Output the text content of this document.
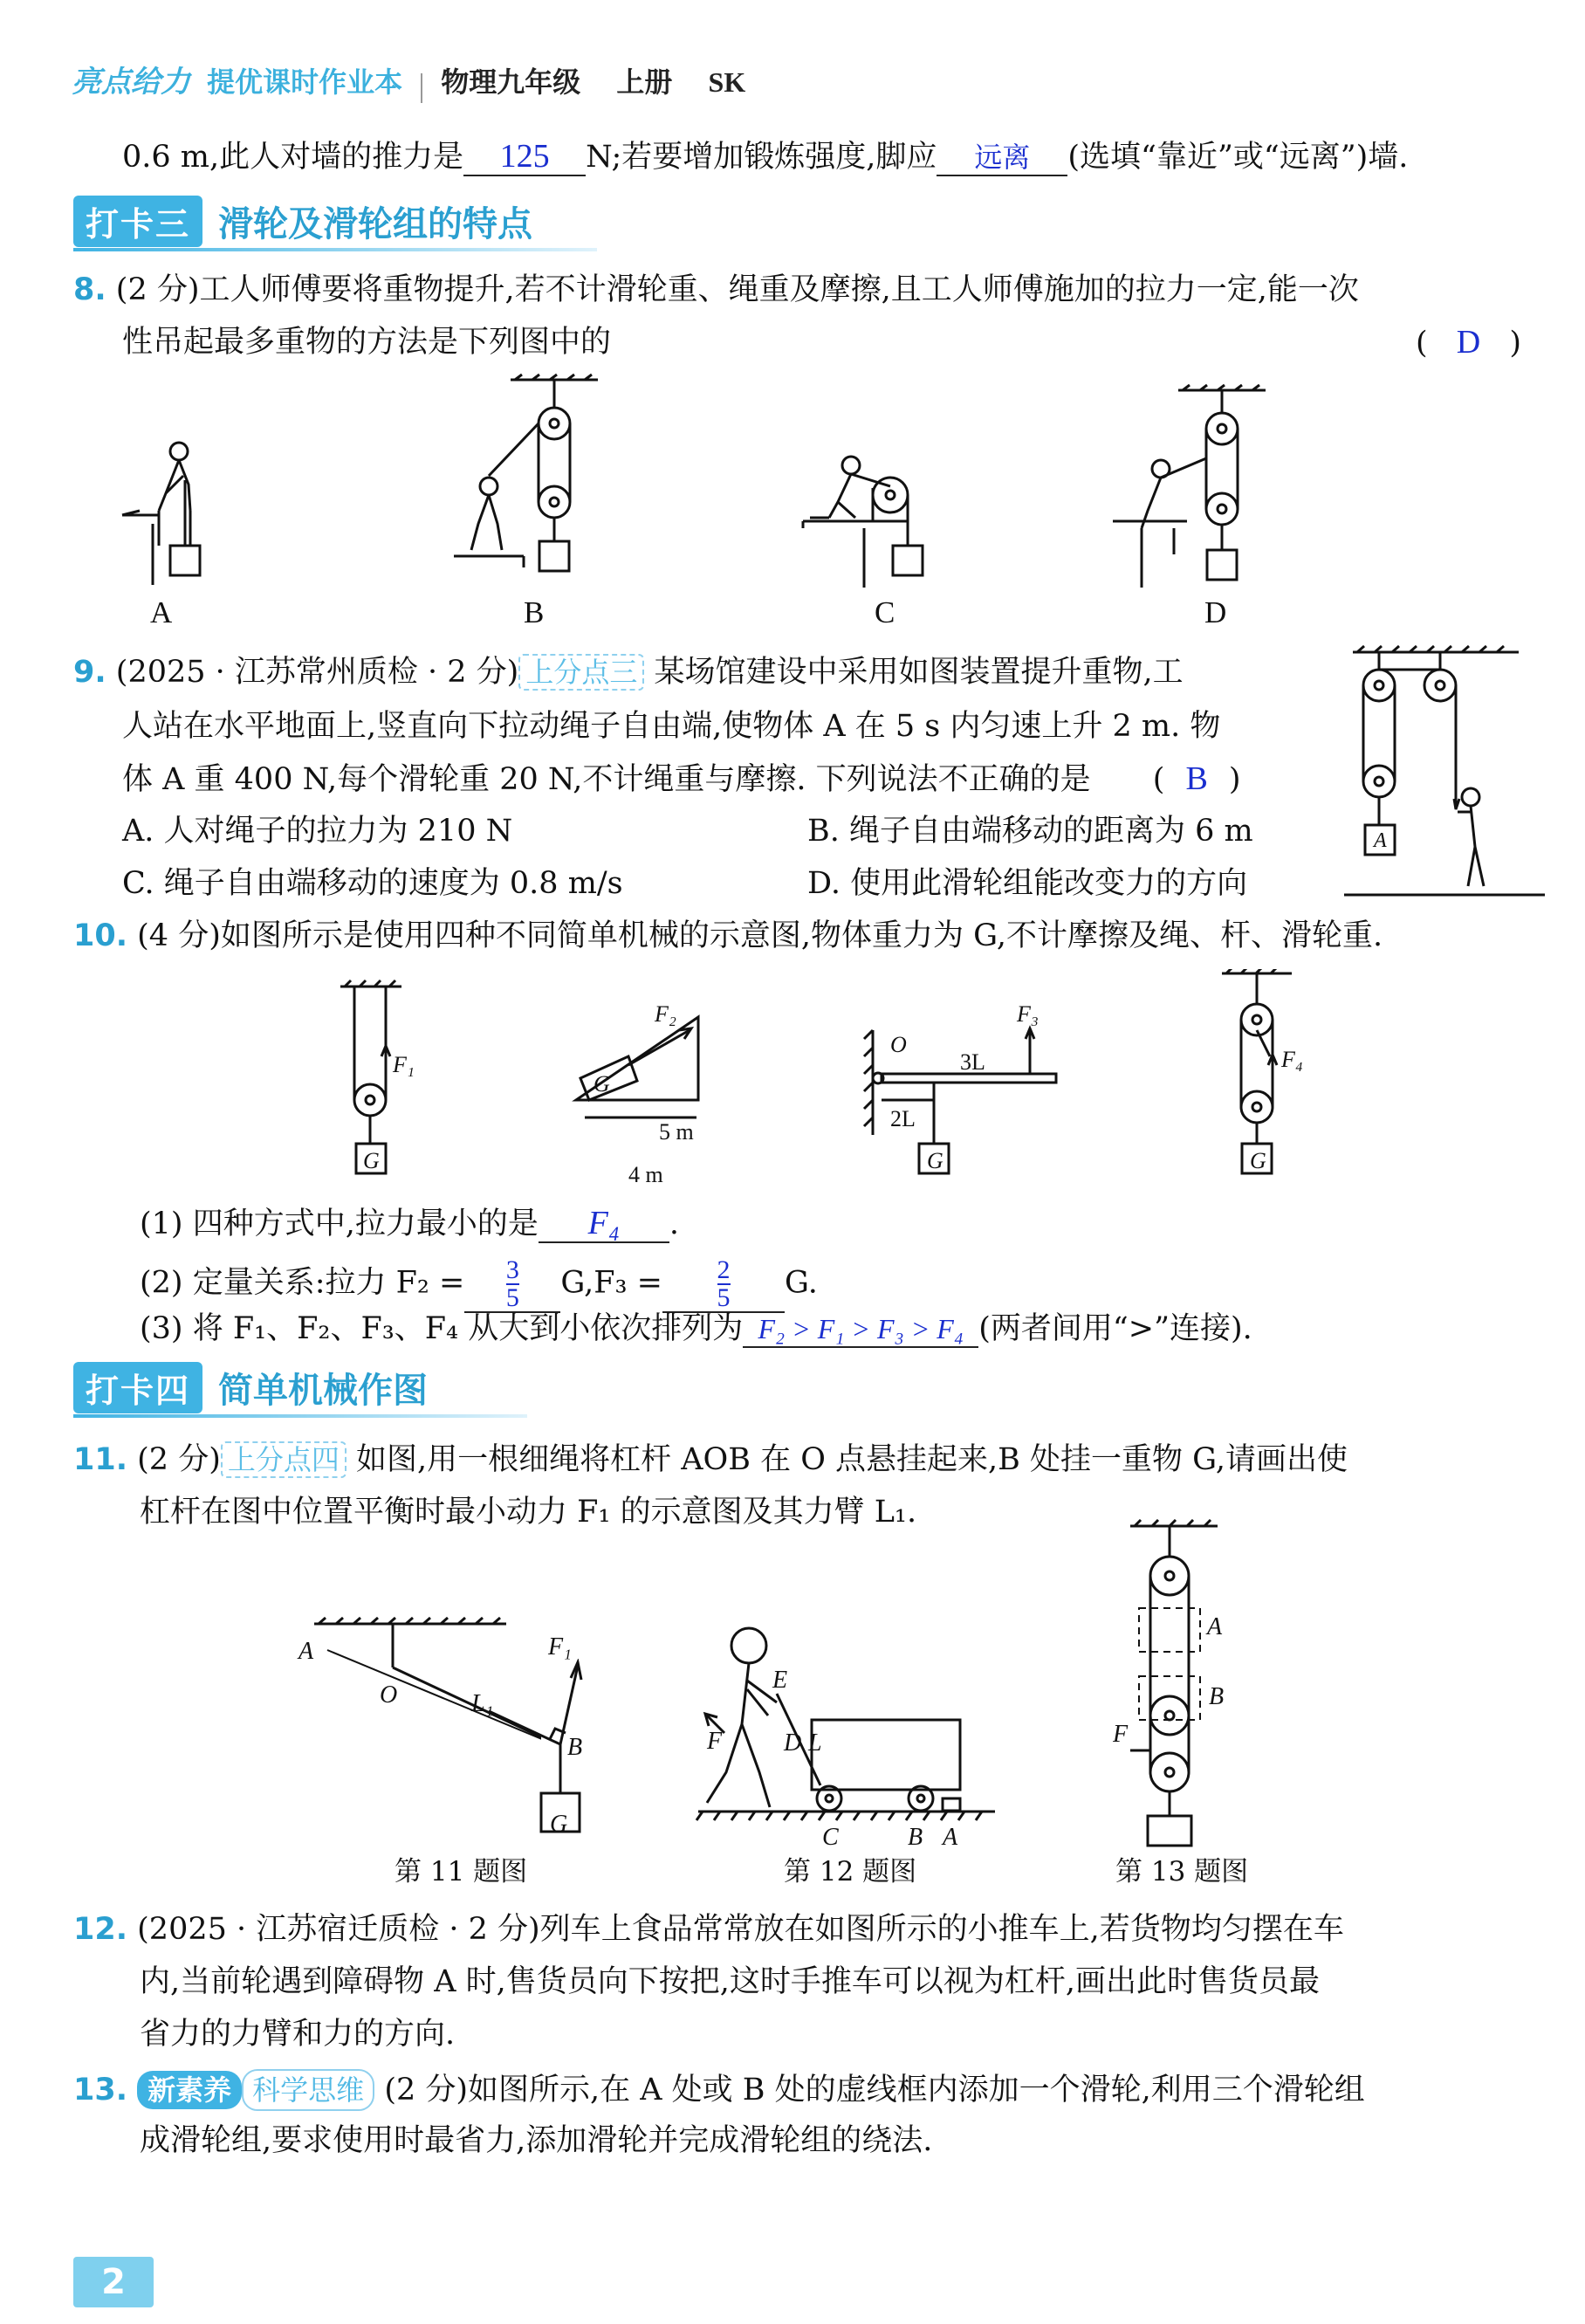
亮点给力 提优课时作业本 物理九年级 上册 SK
0.6 m,此人对墙的推力是 125 N;若要增加锻炼强度,脚应 远离 (选填“靠近”或“远离”)墙.
打卡三 滑轮及滑轮组的特点
8. (2 分)工人师傅要将重物提升,若不计滑轮重、绳重及摩擦,且工人师傅施加的拉力一定,能一次
性吊起最多重物的方法是下列图中的	( D )
A	B	C	D
9. (2025 · 江苏常州质检 · 2 分) 上分点三 某场馆建设中采用如图装置提升重物,工
人站在水平地面上,竖直向下拉动绳子自由端,使物体 A 在 5 s 内匀速上升 2 m. 物
体 A 重 400 N,每个滑轮重 20 N,不计绳重与摩擦. 下列说法不正确的是 ( B )
A. 人对绳子的拉力为 210 N	B. 绳子自由端移动的距离为 6 m
C. 绳子自由端移动的速度为 0.8 m/s	D. 使用此滑轮组能改变力的方向
A
10. (4 分)如图所示是使用四种不同简单机械的示意图,物体重力为 G,不计摩擦及绳、杆、滑轮重.
F₁
G
F₂
G
O
F₃
G
F₄
G
5 m
4 m
3L
2L
(1) 四种方式中,拉力最小的是 F₄ .
(2) 定量关系:拉力 $F_2 = \frac{3}{5} G,F_3 = \frac{2}{5} G$.
(3) 将 F₁、F₂、F₃、F₄ 从大到小依次排列为 F₂ > F₁ > F₃ > F₄ (两者间用“>”连接).
打卡四 简单机械作图
11. (2 分) 上分点四 如图,用一根细绳将杠杆 AOB 在 O 点悬挂起来,B 处挂一重物 G,请画出使
杠杆在图中位置平衡时最小动力 F₁ 的示意图及其力臂 L₁.
A
O	L₁
F₁
B
G
E
F	D L
C	B A
A
B
F
第 11 题图	第 12 题图	第 13 题图
12. (2025 · 江苏宿迁质检 · 2 分)列车上食品常常放在如图所示的小推车上,若货物均匀摆在车
内,当前轮遇到障碍物 A 时,售货员向下按把,这时手推车可以视为杠杆,画出此时售货员最
省力的力臂和力的方向.
13. 新素养 科学思维 (2 分)如图所示,在 A 处或 B 处的虚线框内添加一个滑轮,利用三个滑轮组
成滑轮组,要求使用时最省力,添加滑轮并完成滑轮组的绕法.
2
